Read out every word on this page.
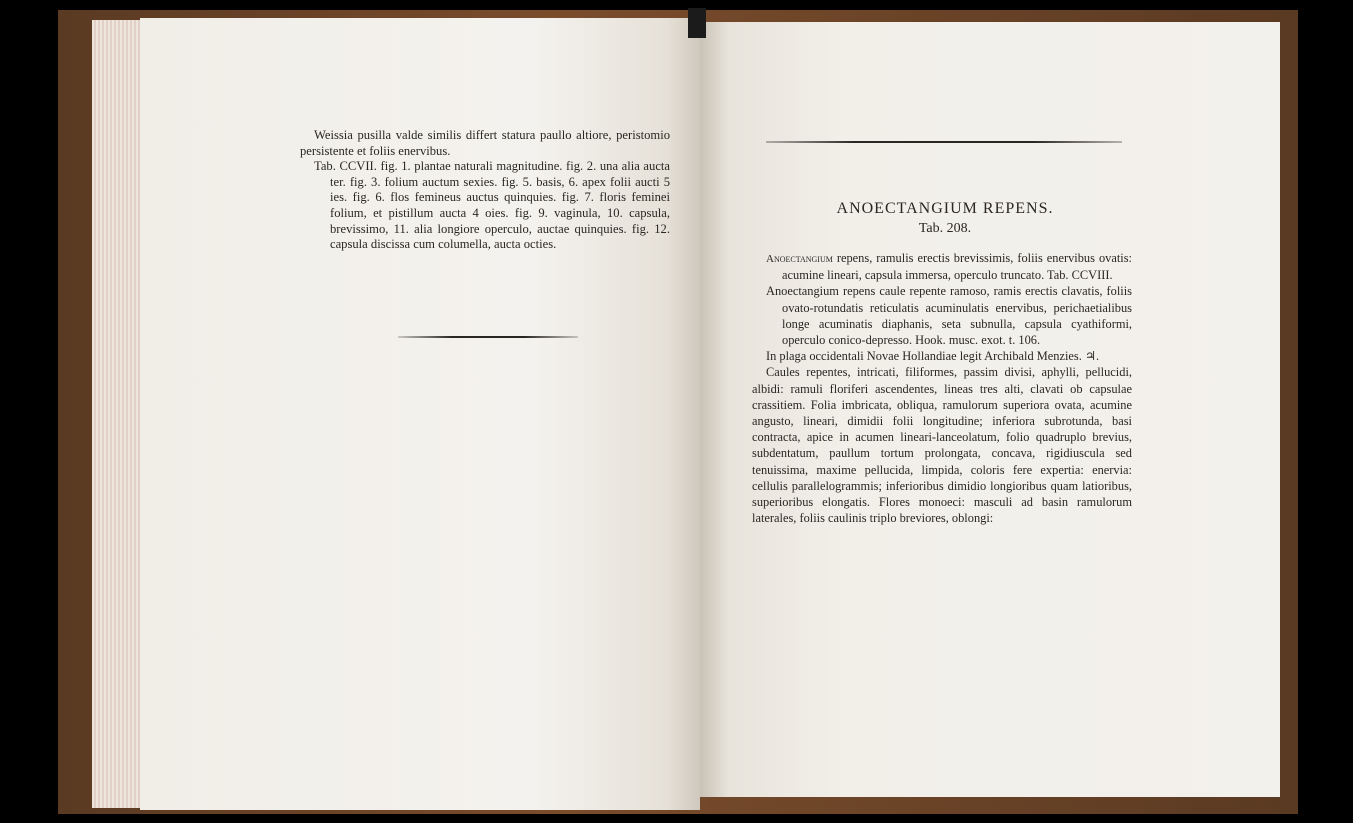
Weissia pusilla valde similis differt statura paullo altiore, peristomio persistente et foliis enervibus.

Tab. CCVII. fig. 1. plantae naturali magnitudine. fig. 2. una alia aucta ter. fig. 3. folium auctum sexies. fig. 5. basis, 6. apex folii aucti 5 ies. fig. 6. flos femineus auctus quinquies. fig. 7. floris feminei folium, et pistillum aucta 4 oies. fig. 9. vaginula, 10. capsula, brevissimo, 11. alia longiore operculo, auctae quinquies. fig. 12. capsula discissa cum columella, aucta octies.

ANOECTANGIUM REPENS.
Tab. 208.

Anoectangium repens, ramulis erectis brevissimis, foliis enervibus ovatis: acumine lineari, capsula immersa, operculo truncato. Tab. CCVIII.

Anoectangium repens caule repente ramoso, ramis erectis clavatis, foliis ovato-rotundatis reticulatis acuminulatis enervibus, perichaetialibus longe acuminatis diaphanis, seta subnulla, capsula cyathiformi, operculo conico-depresso. Hook. musc. exot. t. 106.

In plaga occidentali Novae Hollandiae legit Archibald Menzies. ♃.

Caules repentes, intricati, filiformes, passim divisi, aphylli, pellucidi, albidi: ramuli floriferi ascendentes, lineas tres alti, clavati ob capsulae crassitiem. Folia imbricata, obliqua, ramulorum superiora ovata, acumine angusto, lineari, dimidii folii longitudine; inferiora subrotunda, basi contracta, apice in acumen lineari-lanceolatum, folio quadruplo brevius, subdentatum, paullum tortum prolongata, concava, rigidiuscula sed tenuissima, maxime pellucida, limpida, coloris fere expertia: enervia: cellulis parallelogrammis; inferioribus dimidio longioribus quam latioribus, superioribus elongatis. Flores monoeci: masculi ad basin ramulorum laterales, foliis caulinis triplo breviores, oblongi:
